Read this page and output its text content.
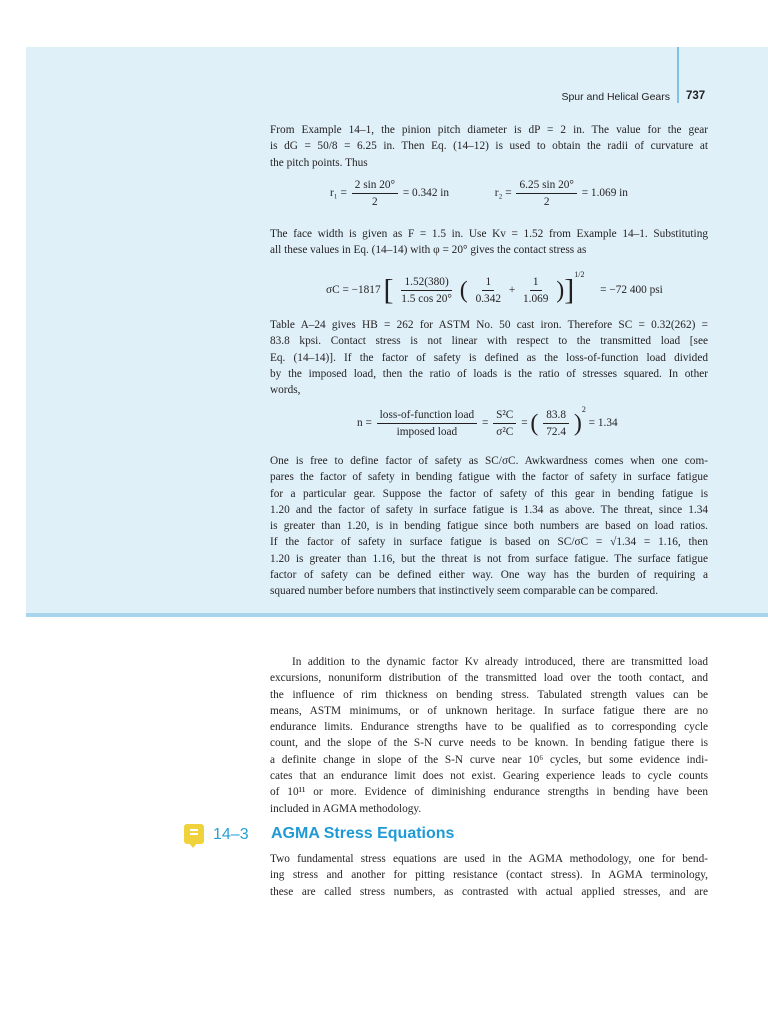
Spur and Helical Gears 737
From Example 14–1, the pinion pitch diameter is dP = 2 in. The value for the gear
is dG = 50/8 = 6.25 in. Then Eq. (14–12) is used to obtain the radii of curvature at
the pitch points. Thus
$r_1 = \frac{2 \sin 20^\circ}{2} = 0.342$ in	$r_2 = \frac{6.25 \sin 20^\circ}{2} = 1.069$ in
The face width is given as F = 1.5 in. Use Kv = 1.52 from Example 14–1. Substituting
all these values in Eq. (14–14) with φ = 20° gives the contact stress as
σC = −1817 [ $\frac{1.52(380)}{1.5 \cos 20^\circ}$ ( $\frac{1}{0.342} + \frac{1}{1.069} )]^{1/2} = -72$ 400 psi
Table A–24 gives HB = 262 for ASTM No. 50 cast iron. Therefore SC = 0.32(262) =
83.8 kpsi. Contact stress is not linear with respect to the transmitted load [see
Eq. (14–14)]. If the factor of safety is defined as the loss-of-function load divided
by the imposed load, then the ratio of loads is the ratio of stresses squared. In other
words,
$n = \frac{\text{loss-of-function load}}{\text{imposed load}} = \frac{\text{S²C}}{\text{σ²C}}$ = ( $\frac{83.8}{72.4} )^2 = 1.34$
One is free to define factor of safety as SC/σC. Awkwardness comes when one com-
pares the factor of safety in bending fatigue with the factor of safety in surface fatigue
for a particular gear. Suppose the factor of safety of this gear in bending fatigue is
1.20 and the factor of safety in surface fatigue is 1.34 as above. The threat, since 1.34
is greater than 1.20, is in bending fatigue since both numbers are based on load ratios.
If the factor of safety in surface fatigue is based on SC/σC = √1.34 = 1.16, then
1.20 is greater than 1.16, but the threat is not from surface fatigue. The surface fatigue
factor of safety can be defined either way. One way has the burden of requiring a
squared number before numbers that instinctively seem comparable can be compared.
In addition to the dynamic factor Kv already introduced, there are transmitted load
excursions, nonuniform distribution of the transmitted load over the tooth contact, and
the influence of rim thickness on bending stress. Tabulated strength values can be
means, ASTM minimums, or of unknown heritage. In surface fatigue there are no
endurance limits. Endurance strengths have to be qualified as to corresponding cycle
count, and the slope of the S-N curve needs to be known. In bending fatigue there is
a definite change in slope of the S-N curve near 10⁶ cycles, but some evidence indi-
cates that an endurance limit does not exist. Gearing experience leads to cycle counts
of 10¹¹ or more. Evidence of diminishing endurance strengths in bending have been
included in AGMA methodology.
14–3 AGMA Stress Equations
Two fundamental stress equations are used in the AGMA methodology, one for bend-
ing stress and another for pitting resistance (contact stress). In AGMA terminology,
these are called stress numbers, as contrasted with actual applied stresses, and are
